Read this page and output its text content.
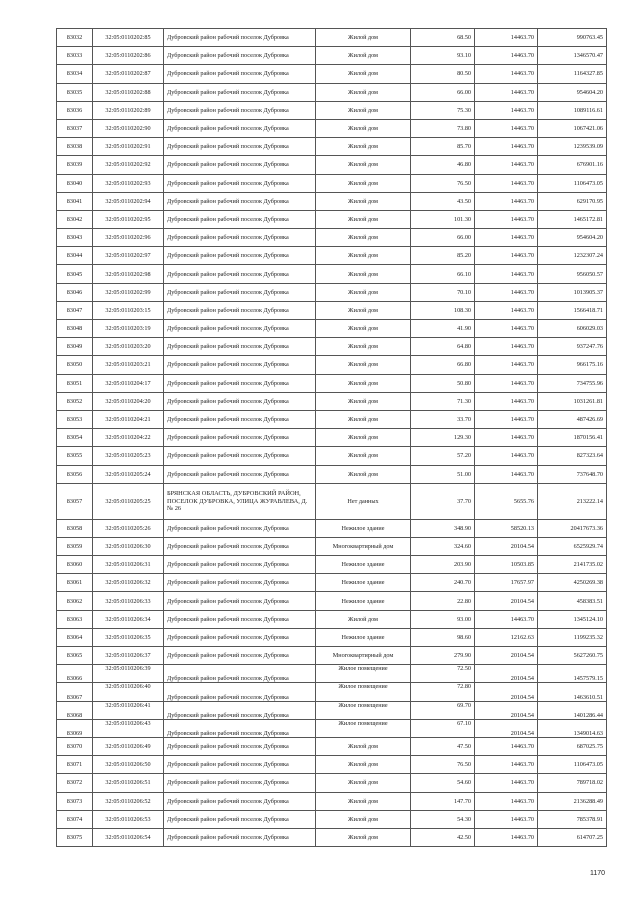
83032	32:05:0110202:85	Дубровский район рабочий поселок Дубровка	Жилой дом	68.50	14463.70	990763.45
83033	32:05:0110202:86	Дубровский район рабочий поселок Дубровка	Жилой дом	93.10	14463.70	1346570.47
83034	32:05:0110202:87	Дубровский район рабочий поселок Дубровка	Жилой дом	80.50	14463.70	1164327.85
83035	32:05:0110202:88	Дубровский район рабочий поселок Дубровка	Жилой дом	66.00	14463.70	954604.20
83036	32:05:0110202:89	Дубровский район рабочий поселок Дубровка	Жилой дом	75.30	14463.70	1089116.61
83037	32:05:0110202:90	Дубровский район рабочий поселок Дубровка	Жилой дом	73.80	14463.70	1067421.06
83038	32:05:0110202:91	Дубровский район рабочий поселок Дубровка	Жилой дом	85.70	14463.70	1239539.09
83039	32:05:0110202:92	Дубровский район рабочий поселок Дубровка	Жилой дом	46.80	14463.70	676901.16
83040	32:05:0110202:93	Дубровский район рабочий поселок Дубровка	Жилой дом	76.50	14463.70	1106473.05
83041	32:05:0110202:94	Дубровский район рабочий поселок Дубровка	Жилой дом	43.50	14463.70	629170.95
83042	32:05:0110202:95	Дубровский район рабочий поселок Дубровка	Жилой дом	101.30	14463.70	1465172.81
83043	32:05:0110202:96	Дубровский район рабочий поселок Дубровка	Жилой дом	66.00	14463.70	954604.20
83044	32:05:0110202:97	Дубровский район рабочий поселок Дубровка	Жилой дом	85.20	14463.70	1232307.24
83045	32:05:0110202:98	Дубровский район рабочий поселок Дубровка	Жилой дом	66.10	14463.70	956050.57
83046	32:05:0110202:99	Дубровский район рабочий поселок Дубровка	Жилой дом	70.10	14463.70	1013905.37
83047	32:05:0110203:15	Дубровский район рабочий поселок Дубровка	Жилой дом	108.30	14463.70	1566418.71
83048	32:05:0110203:19	Дубровский район рабочий поселок Дубровка	Жилой дом	41.90	14463.70	606029.03
83049	32:05:0110203:20	Дубровский район рабочий поселок Дубровка	Жилой дом	64.80	14463.70	937247.76
83050	32:05:0110203:21	Дубровский район рабочий поселок Дубровка	Жилой дом	66.80	14463.70	966175.16
83051	32:05:0110204:17	Дубровский район рабочий поселок Дубровка	Жилой дом	50.80	14463.70	734755.96
83052	32:05:0110204:20	Дубровский район рабочий поселок Дубровка	Жилой дом	71.30	14463.70	1031261.81
83053	32:05:0110204:21	Дубровский район рабочий поселок Дубровка	Жилой дом	33.70	14463.70	487426.69
83054	32:05:0110204:22	Дубровский район рабочий поселок Дубровка	Жилой дом	129.30	14463.70	1870156.41
83055	32:05:0110205:23	Дубровский район рабочий поселок Дубровка	Жилой дом	57.20	14463.70	827323.64
83056	32:05:0110205:24	Дубровский район рабочий поселок Дубровка	Жилой дом	51.00	14463.70	737648.70
83057	32:05:0110205:25	БРЯНСКАЯ ОБЛАСТЬ, ДУБРОВСКИЙ РАЙОН, ПОСЕЛОК ДУБРОВКА, УЛИЦА ЖУРАВЛЕВА, Д. № 26	Нет данных	37.70	5655.76	213222.14
83058	32:05:0110205:26	Дубровский район рабочий поселок Дубровка	Нежилое здание	348.90	58520.13	20417673.36
83059	32:05:0110206:30	Дубровский район рабочий поселок Дубровка	Многоквартирный дом	324.60	20104.54	6525929.74
83060	32:05:0110206:31	Дубровский район рабочий поселок Дубровка	Нежилое здание	203.90	10503.85	2141735.02
83061	32:05:0110206:32	Дубровский район рабочий поселок Дубровка	Нежилое здание	240.70	17657.97	4250269.38
83062	32:05:0110206:33	Дубровский район рабочий поселок Дубровка	Нежилое здание	22.80	20104.54	458383.51
83063	32:05:0110206:34	Дубровский район рабочий поселок Дубровка	Жилой дом	93.00	14463.70	1345124.10
83064	32:05:0110206:35	Дубровский район рабочий поселок Дубровка	Нежилое здание	98.60	12162.63	1199235.32
83065	32:05:0110206:37	Дубровский район рабочий поселок Дубровка	Многоквартирный дом	279.90	20104.54	5627260.75
83066	32:05:0110206:39	Дубровский район рабочий поселок Дубровка	Жилое помещение	72.50	20104.54	1457579.15
83067	32:05:0110206:40	Дубровский район рабочий поселок Дубровка	Жилое помещение	72.80	20104.54	1463610.51
83068	32:05:0110206:41	Дубровский район рабочий поселок Дубровка	Жилое помещение	69.70	20104.54	1401286.44
83069	32:05:0110206:43	Дубровский район рабочий поселок Дубровка	Жилое помещение	67.10	20104.54	1349014.63
83070	32:05:0110206:49	Дубровский район рабочий поселок Дубровка	Жилой дом	47.50	14463.70	687025.75
83071	32:05:0110206:50	Дубровский район рабочий поселок Дубровка	Жилой дом	76.50	14463.70	1106473.05
83072	32:05:0110206:51	Дубровский район рабочий поселок Дубровка	Жилой дом	54.60	14463.70	789718.02
83073	32:05:0110206:52	Дубровский район рабочий поселок Дубровка	Жилой дом	147.70	14463.70	2136288.49
83074	32:05:0110206:53	Дубровский район рабочий поселок Дубровка	Жилой дом	54.30	14463.70	785378.91
83075	32:05:0110206:54	Дубровский район рабочий поселок Дубровка	Жилой дом	42.50	14463.70	614707.25
1170
